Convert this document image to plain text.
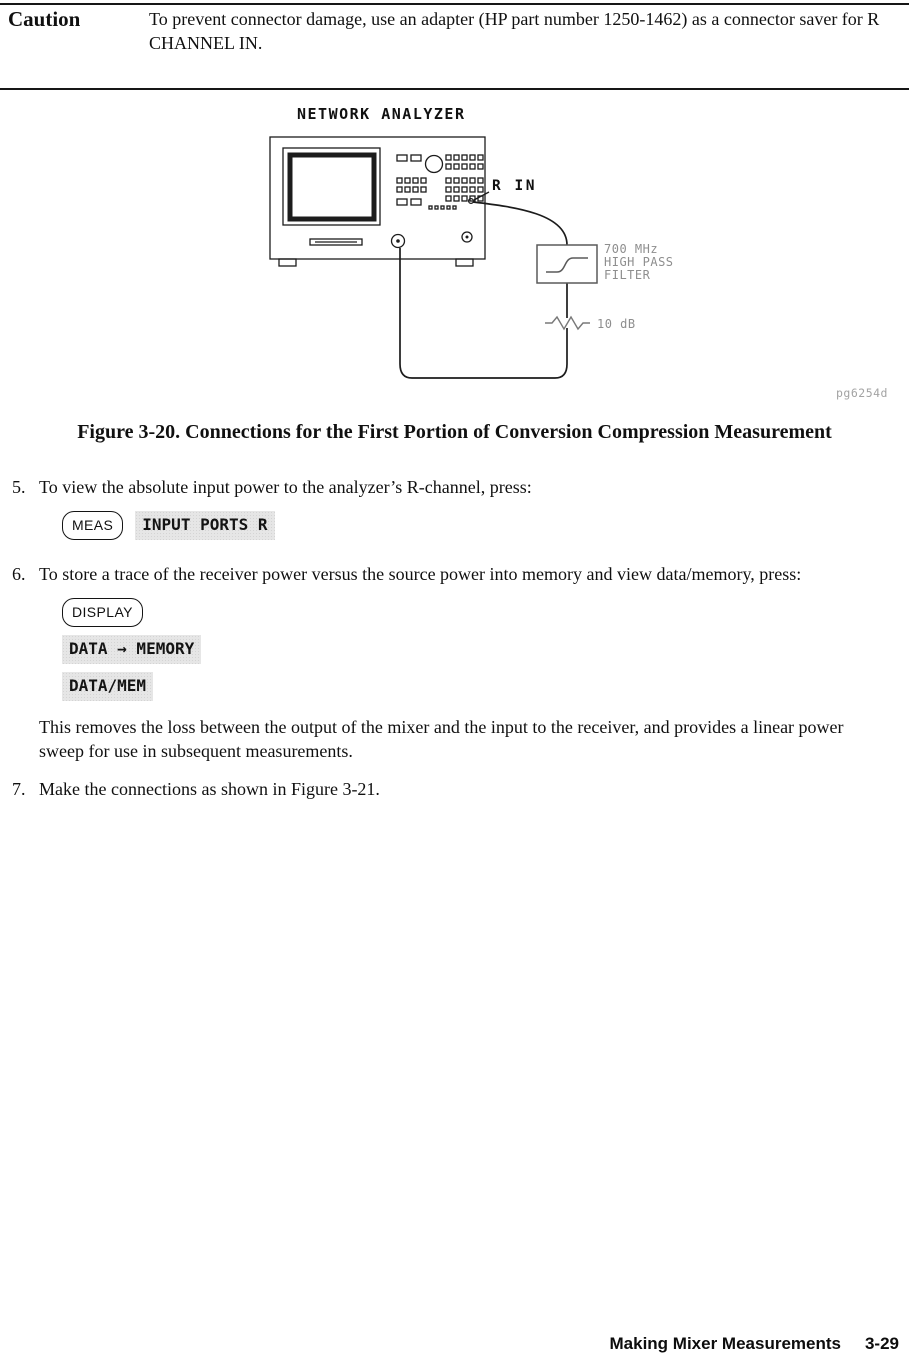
Caution	To prevent connector damage, use an adapter (HP part number 1250-1462) as a connector saver for R CHANNEL IN.
NETWORK ANALYZER
700 MHz
HIGH PASS
FILTER
10 dB
R IN
pg6254d
Figure 3-20. Connections for the First Portion of Conversion Compression Measurement
5. To view the absolute input power to the analyzer’s R-channel, press:
MEAS	INPUT PORTS R
6. To store a trace of the receiver power versus the source power into memory and view data/memory, press:
DISPLAY
DATA → MEMORY
DATA/MEM
This removes the loss between the output of the mixer and the input to the receiver, and provides a linear power sweep for use in subsequent measurements.
7. Make the connections as shown in Figure 3-21.
Making Mixer Measurements 3-29
